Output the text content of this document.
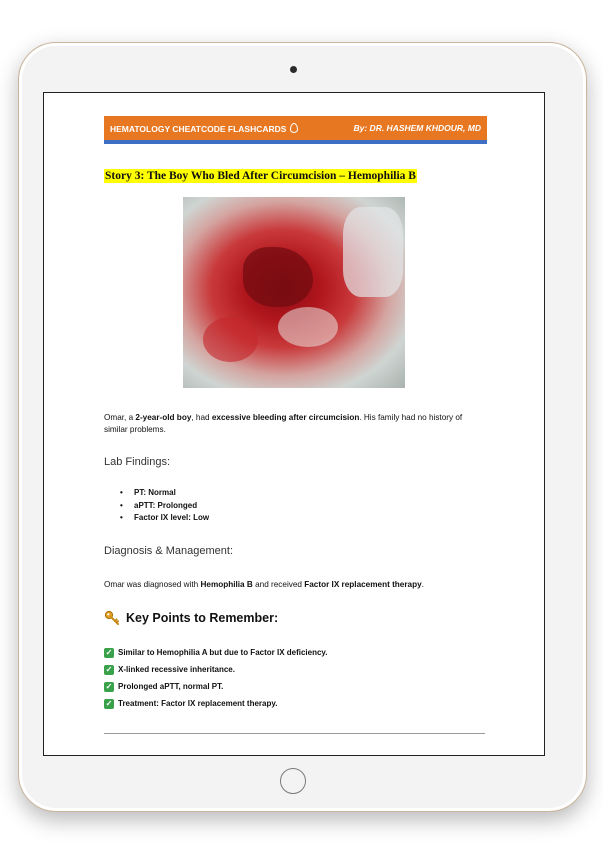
HEMATOLOGY CHEATCODE FLASHCARDS	By: DR. HASHEM KHDOUR, MD
Story 3: The Boy Who Bled After Circumcision – Hemophilia B
Omar, a 2-year-old boy, had excessive bleeding after circumcision. His family had no history of similar problems.
Lab Findings:
• PT: Normal
• aPTT: Prolonged
• Factor IX level: Low
Diagnosis & Management:
Omar was diagnosed with Hemophilia B and received Factor IX replacement therapy.
Key Points to Remember:
✓ Similar to Hemophilia A but due to Factor IX deficiency.
✓ X-linked recessive inheritance.
✓ Prolonged aPTT, normal PT.
✓ Treatment: Factor IX replacement therapy.
